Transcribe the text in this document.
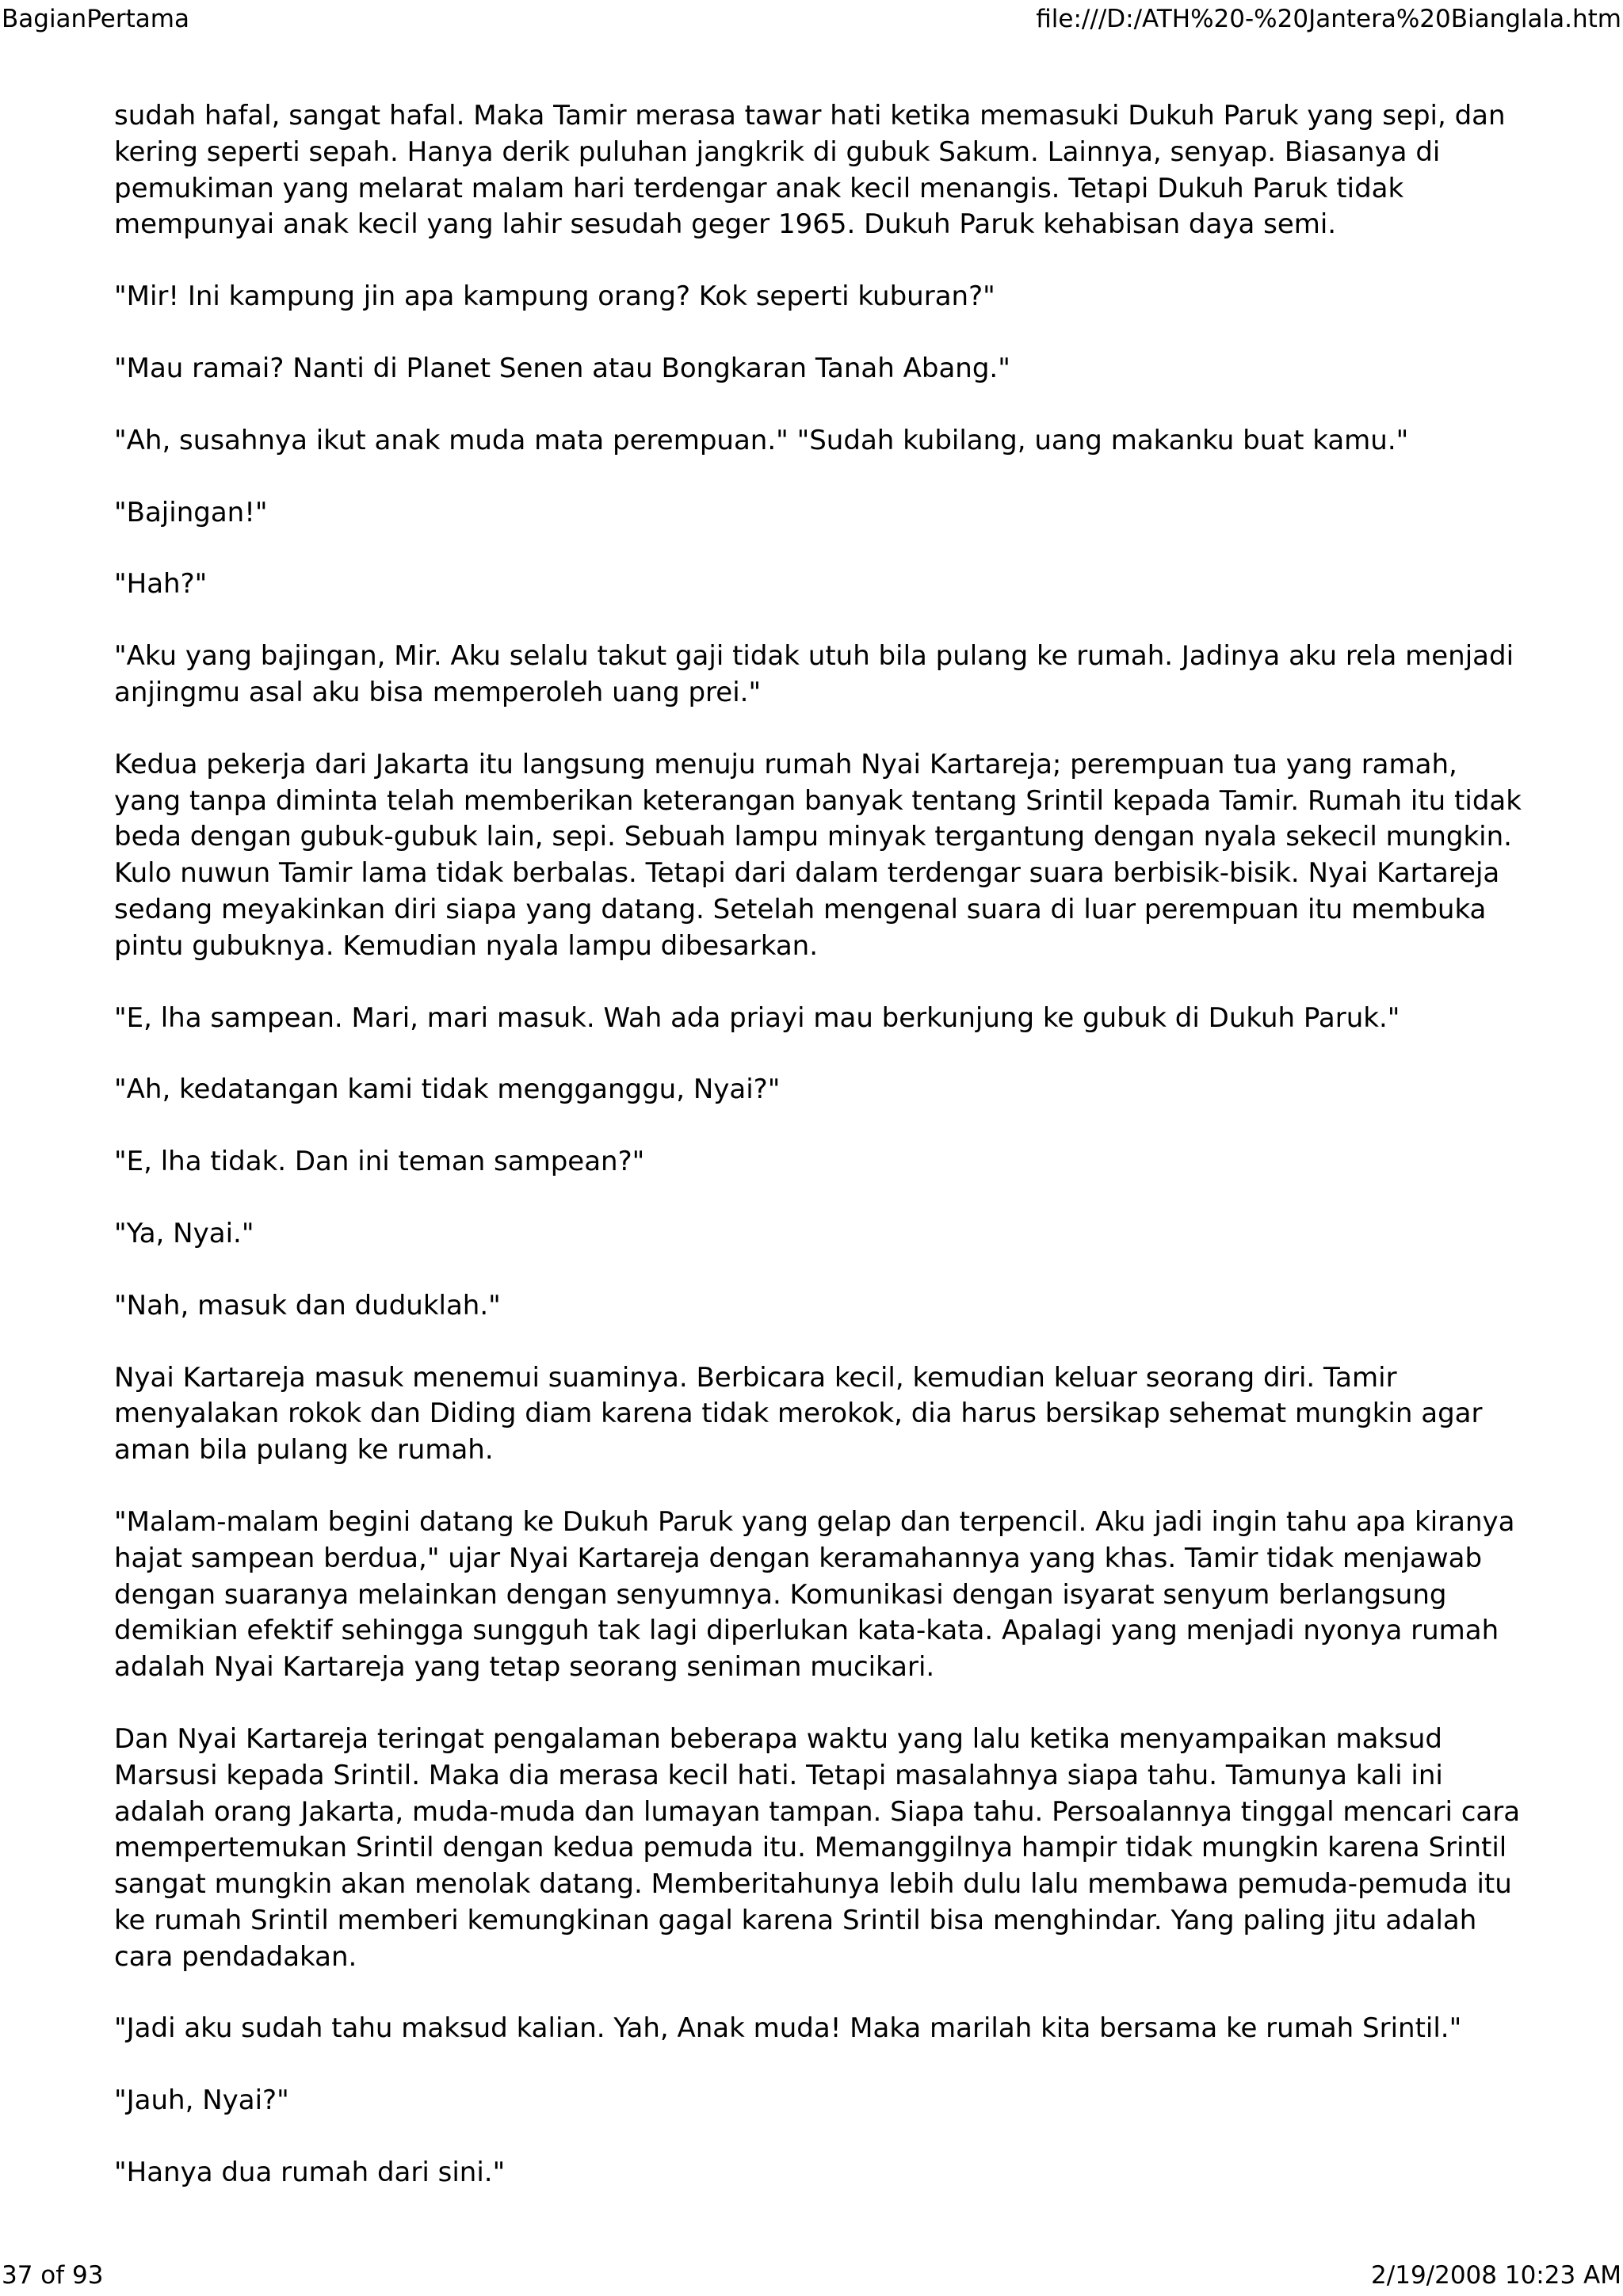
BagianPertama	file:///D:/ATH%20-%20Jantera%20Bianglala.htm

sudah hafal, sangat hafal. Maka Tamir merasa tawar hati ketika memasuki Dukuh Paruk yang sepi, dan kering seperti sepah. Hanya derik puluhan jangkrik di gubuk Sakum. Lainnya, senyap. Biasanya di pemukiman yang melarat malam hari terdengar anak kecil menangis. Tetapi Dukuh Paruk tidak mempunyai anak kecil yang lahir sesudah geger 1965. Dukuh Paruk kehabisan daya semi.

"Mir! Ini kampung jin apa kampung orang? Kok seperti kuburan?"

"Mau ramai? Nanti di Planet Senen atau Bongkaran Tanah Abang."

"Ah, susahnya ikut anak muda mata perempuan." "Sudah kubilang, uang makanku buat kamu."

"Bajingan!"

"Hah?"

"Aku yang bajingan, Mir. Aku selalu takut gaji tidak utuh bila pulang ke rumah. Jadinya aku rela menjadi anjingmu asal aku bisa memperoleh uang prei."

Kedua pekerja dari Jakarta itu langsung menuju rumah Nyai Kartareja; perempuan tua yang ramah, yang tanpa diminta telah memberikan keterangan banyak tentang Srintil kepada Tamir. Rumah itu tidak beda dengan gubuk-gubuk lain, sepi. Sebuah lampu minyak tergantung dengan nyala sekecil mungkin. Kulo nuwun Tamir lama tidak berbalas. Tetapi dari dalam terdengar suara berbisik-bisik. Nyai Kartareja sedang meyakinkan diri siapa yang datang. Setelah mengenal suara di luar perempuan itu membuka pintu gubuknya. Kemudian nyala lampu dibesarkan.

"E, lha sampean. Mari, mari masuk. Wah ada priayi mau berkunjung ke gubuk di Dukuh Paruk."

"Ah, kedatangan kami tidak mengganggu, Nyai?"

"E, lha tidak. Dan ini teman sampean?"

"Ya, Nyai."

"Nah, masuk dan duduklah."

Nyai Kartareja masuk menemui suaminya. Berbicara kecil, kemudian keluar seorang diri. Tamir menyalakan rokok dan Diding diam karena tidak merokok, dia harus bersikap sehemat mungkin agar aman bila pulang ke rumah.

"Malam-malam begini datang ke Dukuh Paruk yang gelap dan terpencil. Aku jadi ingin tahu apa kiranya hajat sampean berdua," ujar Nyai Kartareja dengan keramahannya yang khas. Tamir tidak menjawab dengan suaranya melainkan dengan senyumnya. Komunikasi dengan isyarat senyum berlangsung demikian efektif sehingga sungguh tak lagi diperlukan kata-kata. Apalagi yang menjadi nyonya rumah adalah Nyai Kartareja yang tetap seorang seniman mucikari.

Dan Nyai Kartareja teringat pengalaman beberapa waktu yang lalu ketika menyampaikan maksud Marsusi kepada Srintil. Maka dia merasa kecil hati. Tetapi masalahnya siapa tahu. Tamunya kali ini adalah orang Jakarta, muda-muda dan lumayan tampan. Siapa tahu. Persoalannya tinggal mencari cara mempertemukan Srintil dengan kedua pemuda itu. Memanggilnya hampir tidak mungkin karena Srintil sangat mungkin akan menolak datang. Memberitahunya lebih dulu lalu membawa pemuda-pemuda itu ke rumah Srintil memberi kemungkinan gagal karena Srintil bisa menghindar. Yang paling jitu adalah cara pendadakan.

"Jadi aku sudah tahu maksud kalian. Yah, Anak muda! Maka marilah kita bersama ke rumah Srintil."

"Jauh, Nyai?"

"Hanya dua rumah dari sini."

37 of 93	2/19/2008 10:23 AM
